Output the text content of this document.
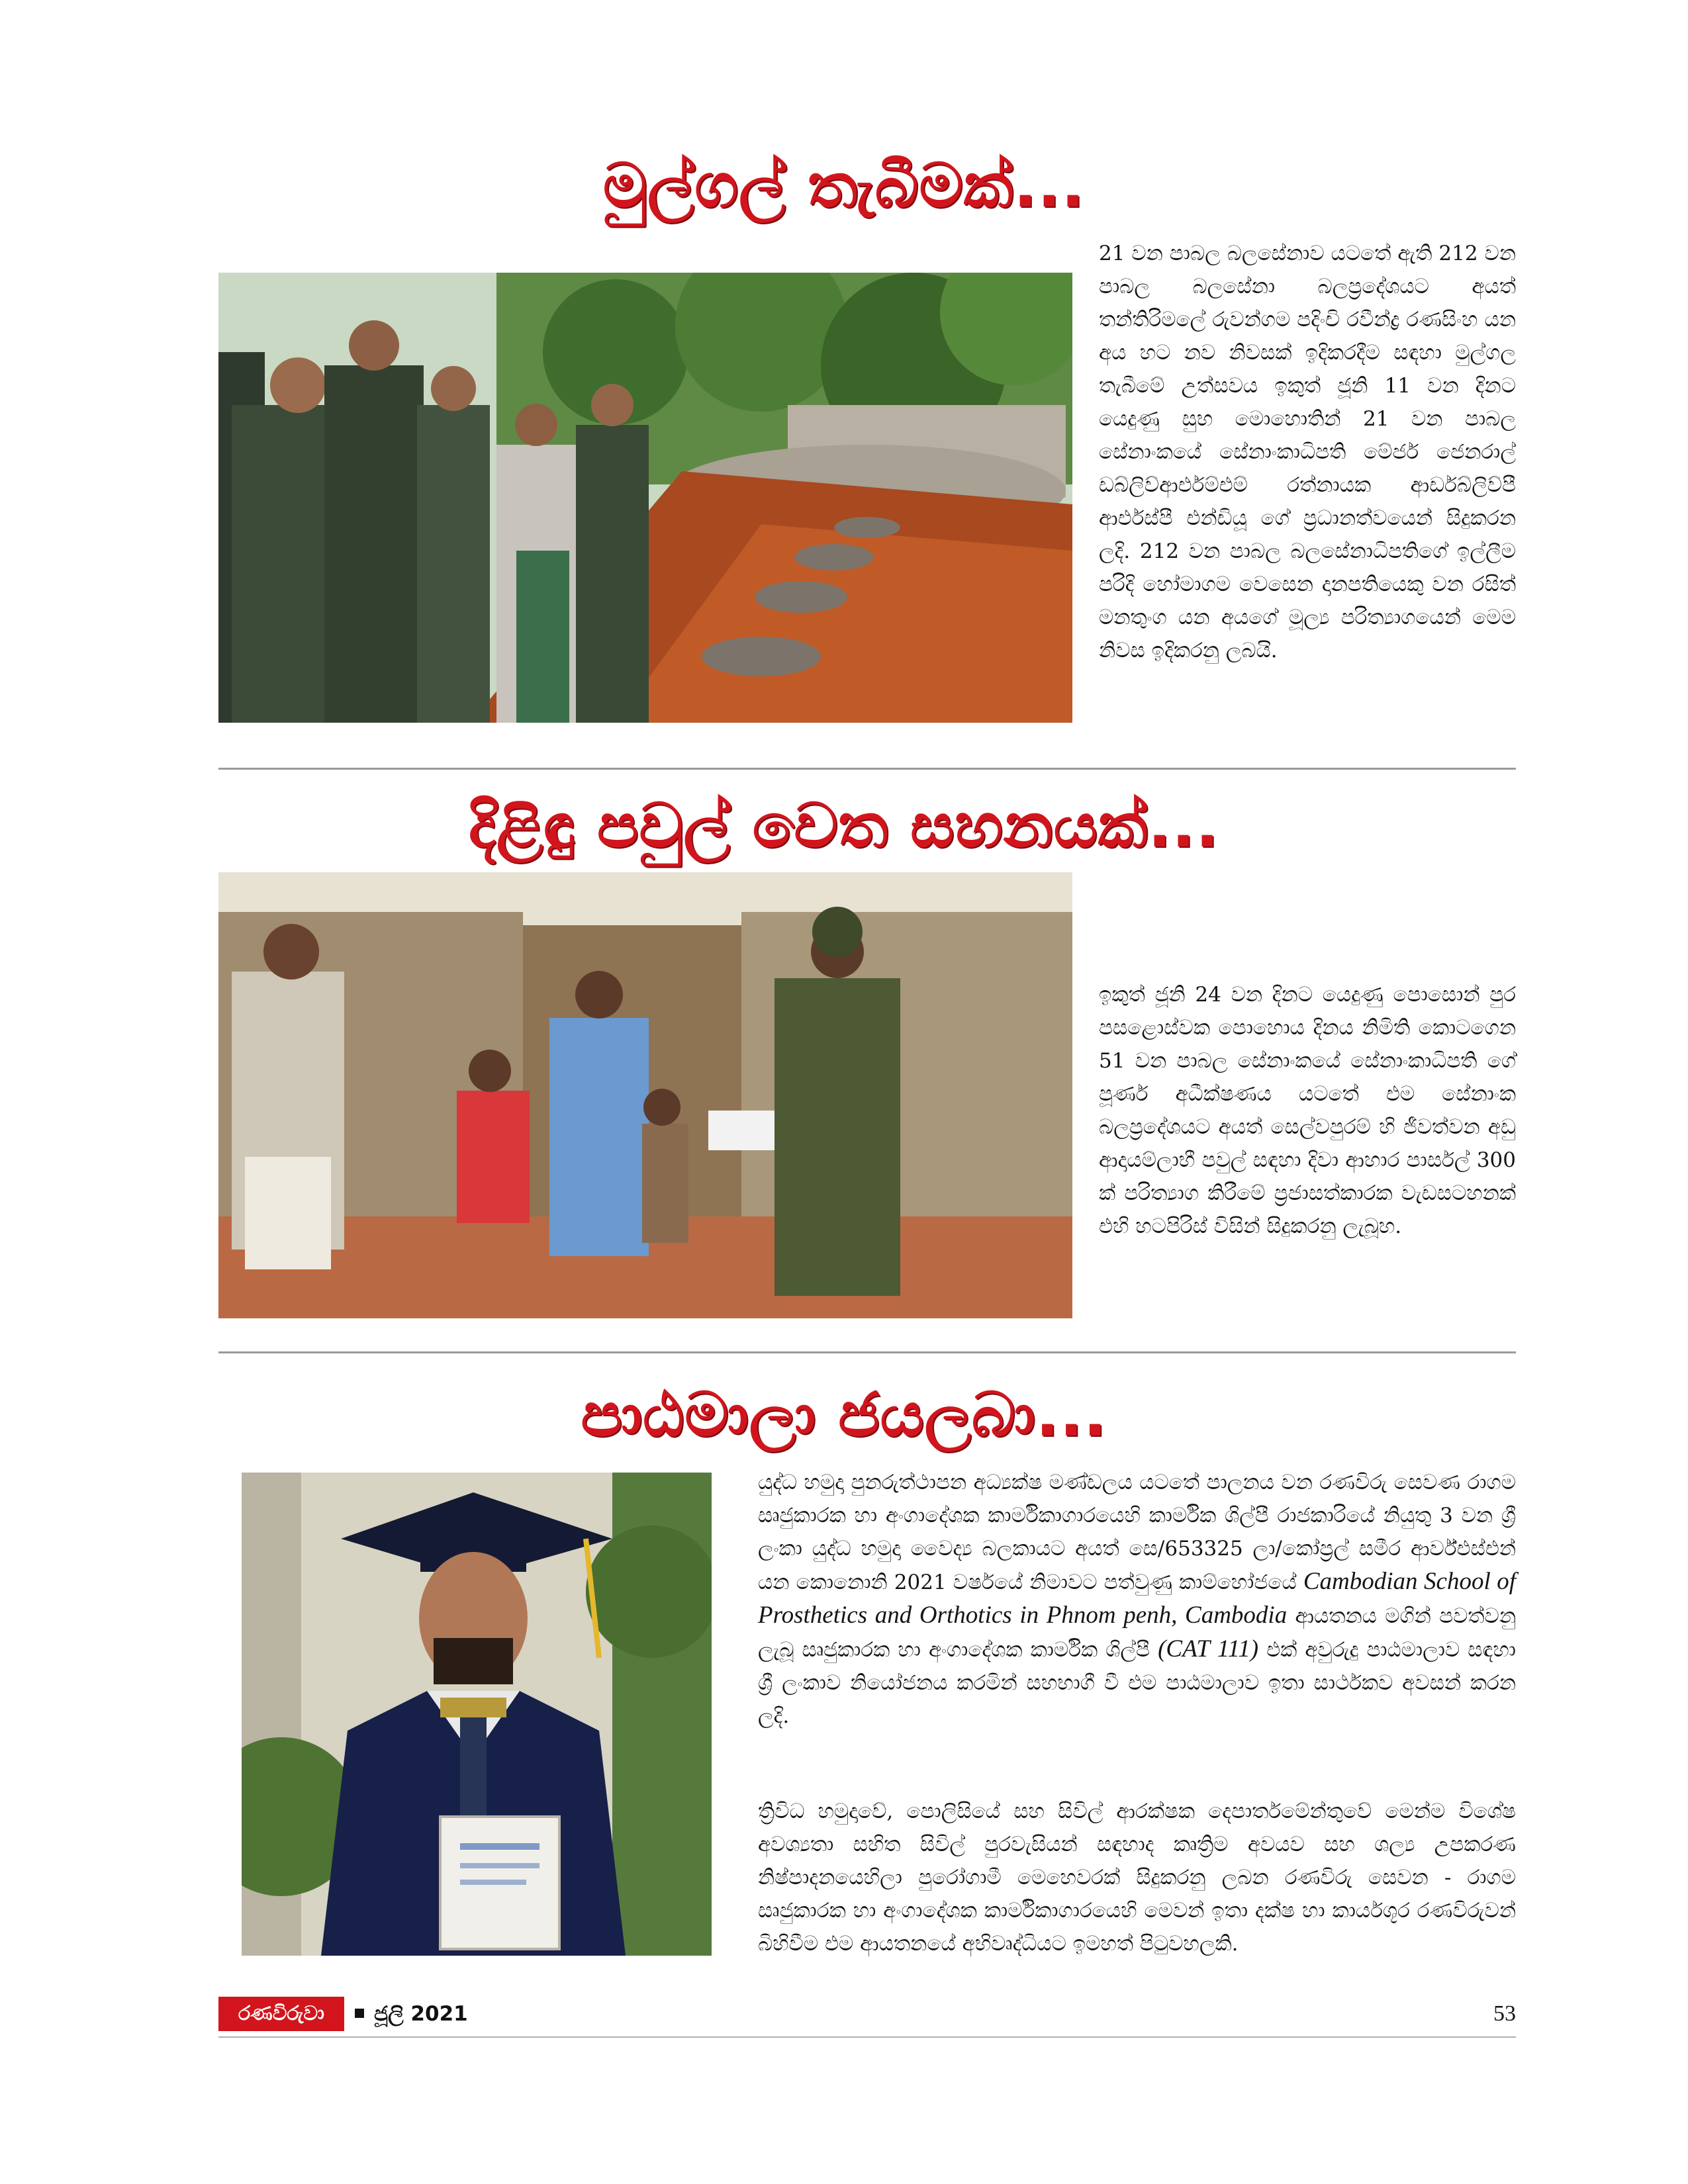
මුල්ගල් තැබීමක්...

21 වන පාබල බලසේනාව යටතේ ඇති 212 වන පාබල බලසේනා බලප්‍රදේශයට අයත් තන්තිරිමලේ රුවන්ගම පදිංචි රවීන්ද්‍ර රණසිංහ යන අය හට නව නිවසක් ඉදිකරදීම සඳහා මුල්ගල තැබීමේ උත්සවය ඉකුත් ජූනි 11 වන දිනට යෙදුණු සුභ මොහොතින් 21 වන පාබල සේනාංකයේ සේනාංකාධිපති මේජර් ජෙනරාල් ඩබ්ලිව්ආර්එම්එම් රත්නායක ආර්ඩබ්ලිව්පී ආර්එස්පී එන්ඩියූ ගේ ප්‍රධානත්වයෙන් සිදුකරන ලදි. 212 වන පාබල බලසේනාධිපතිගේ ඉල්ලීම පරිදි හෝමාගම වෙසෙන දානපතියෙකු වන රසිත් මනතුංග යන අයගේ මූල්‍ය පරිත්‍යාගයෙන් මෙම නිවස ඉදිකරනු ලබයි.

දිළිඳු පවුල් වෙත සහනයක්...

ඉකුත් ජූනි 24 වන දිනට යෙදුණු පොසොන් පුර පසළොස්වක පොහොය දිනය නිමිති කොටගෙන 51 වන පාබල සේනාංකයේ සේනාංකාධිපති ගේ පූර්ණ අධීක්ෂණය යටතේ එම සේනාංක බලප්‍රදේශයට අයත් සෙල්වපුරම් හි ජීවත්වන අඩු ආදායම්ලාභී පවුල් සඳහා දිවා ආහාර පාර්සල් 300 ක් පරිත්‍යාග කිරීමේ ප්‍රජාසත්කාරක වැඩසටහනක් එහි හටපිරිස් විසින් සිදුකරනු ලැබූහ.

පාඨමාලා ජයලබා...

යුද්ධ හමුදා පුනරුත්ථාපන අධ්‍යක්ෂ මණ්ඩලය යටතේ පාලනය වන රණවිරු සෙවණ රාගම සෘජුකාරක හා අංගාදේශක කාර්මිකාගාරයෙහි කාර්මික ශිල්පී රාජකාරියේ නියුතු 3 වන ශ්‍රී ලංකා යුද්ධ හමුදා වෛද්‍ය බලකායට අයත් සෙ/653325 ලා/කෝප්‍රල් සමීර ආර්ව්එස්එන් යන කොනොනි 2021 වර්ෂයේ නිමාවට පත්වුණු කාම්හෝජයේ Cambodian School of Prosthetics and Orthotics in Phnom penh, Cambodia ආයතනය මගින් පවත්වනු ලැබූ සෘජුකාරක හා අංගාදේශක කාර්මික ශිල්පී (CAT 111) එක් අවුරුදු පාඨමාලාව සඳහා ශ්‍රී ලංකාව නියෝජනය කරමින් සහභාගී වී එම පාඨමාලාව ඉතා සාර්ථකව අවසන් කරන ලදි.

ත්‍රිවිධ හමුදාවේ, පොලිසියේ සහ සිවිල් ආරක්ෂක දෙපාර්තමේන්තුවේ මෙන්ම විශේෂ අවශ්‍යතා සහිත සිවිල් පුරවැසියන් සඳහාද කෘත්‍රිම අවයව සහ ශල්‍ය උපකරණ නිෂ්පාදනයෙහිලා පුරෝගාමී මෙහෙවරක් සිදුකරනු ලබන රණවිරු සෙවන - රාගම සෘජුකාරක හා අංගාදේශක කාර්මිකාගාරයෙහි මෙවන් ඉතා දක්ෂ හා කාර්යශූර රණවිරුවන් බිහිවීම එම ආයතනයේ අභිවෘද්ධියට ඉමහත් පිටුවහලකි.

රණවිරුවා	ජූලි 2021	53
